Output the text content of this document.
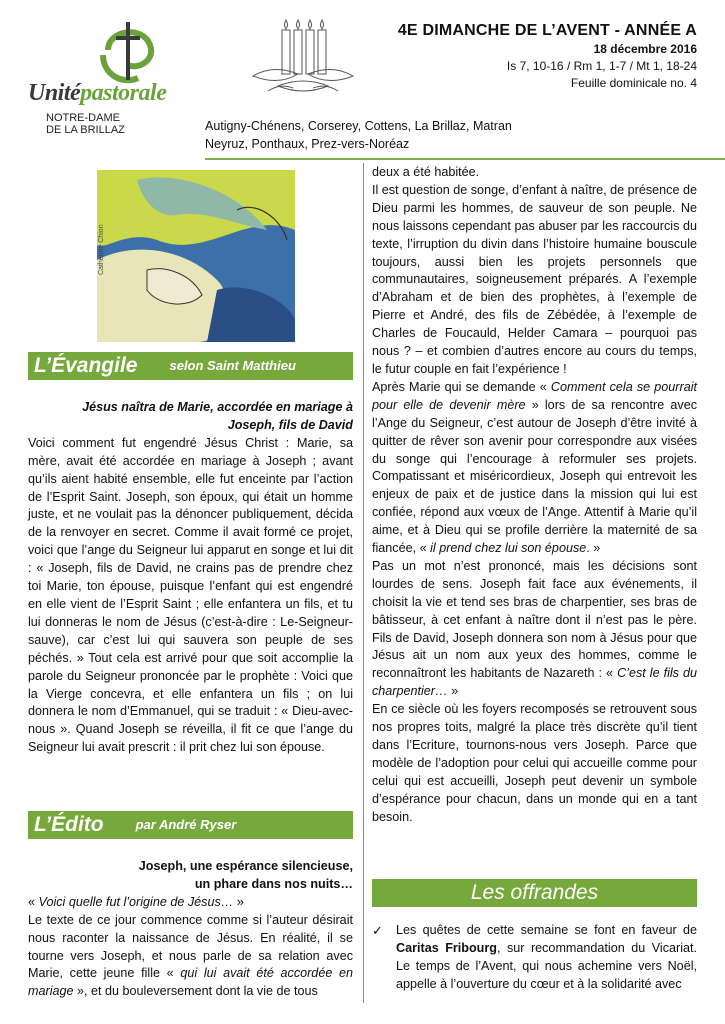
Unitépastorale
NOTRE-DAME
DE LA BRILLAZ
4E DIMANCHE DE L’AVENT - ANNÉE A
18 décembre 2016
Is 7, 10-16 / Rm 1, 1-7 / Mt 1, 18-24
Feuille dominicale no. 4
Autigny-Chénens, Corserey, Cottens, La Brillaz, Matran
Neyruz, Ponthaux, Prez-vers-Noréaz
Catherine Chion
L’Évangile selon Saint Matthieu
Jésus naîtra de Marie, accordée en mariage à
Joseph, fils de David

Voici comment fut engendré Jésus Christ : Marie, sa mère, avait été accordée en mariage à Joseph ; avant qu’ils aient habité ensemble, elle fut enceinte par l’action de l’Esprit Saint. Joseph, son époux, qui était un homme juste, et ne voulait pas la dénoncer publiquement, décida de la renvoyer en secret. Comme il avait formé ce projet, voici que l’ange du Seigneur lui apparut en songe et lui dit : « Joseph, fils de David, ne crains pas de prendre chez toi Marie, ton épouse, puisque l’enfant qui est engendré en elle vient de l’Esprit Saint ; elle enfantera un fils, et tu lui donneras le nom de Jésus (c’est-à-dire : Le-Seigneur-sauve), car c’est lui qui sauvera son peuple de ses péchés. » Tout cela est arrivé pour que soit accomplie la parole du Seigneur prononcée par le prophète : Voici que la Vierge concevra, et elle enfantera un fils ; on lui donnera le nom d’Emmanuel, qui se traduit : « Dieu-avec-nous ». Quand Joseph se réveilla, il fit ce que l’ange du Seigneur lui avait prescrit : il prit chez lui son épouse.

L’Édito par André Ryser
Joseph, une espérance silencieuse,
un phare dans nos nuits…

« Voici quelle fut l’origine de Jésus… »

Le texte de ce jour commence comme si l’auteur désirait nous raconter la naissance de Jésus. En réalité, il se tourne vers Joseph, et nous parle de sa relation avec Marie, cette jeune fille « qui lui avait été accordée en mariage », et du bouleversement dont la vie de tous

deux a été habitée.

Il est question de songe, d’enfant à naître, de présence de Dieu parmi les hommes, de sauveur de son peuple. Ne nous laissons cependant pas abuser par les raccourcis du texte, l’irruption du divin dans l’histoire humaine bouscule toujours, aussi bien les projets personnels que communautaires, soigneusement préparés. A l’exemple d’Abraham et de bien des prophètes, à l’exemple de Pierre et André, des fils de Zébédée, à l’exemple de Charles de Foucauld, Helder Camara – pourquoi pas nous ? – et combien d’autres encore au cours du temps, le futur couple en fait l’expérience !

Après Marie qui se demande « Comment cela se pourrait pour elle de devenir mère » lors de sa rencontre avec l’Ange du Seigneur, c’est autour de Joseph d’être invité à quitter de rêver son avenir pour correspondre aux visées du songe qui l’encourage à reformuler ses projets. Compatissant et miséricordieux, Joseph qui entrevoit les enjeux de paix et de justice dans la mission qui lui est confiée, répond aux vœux de l’Ange. Attentif à Marie qu’il aime, et à Dieu qui se profile derrière la maternité de sa fiancée, « il prend chez lui son épouse. »

Pas un mot n’est prononcé, mais les décisions sont lourdes de sens. Joseph fait face aux événements, il choisit la vie et tend ses bras de charpentier, ses bras de bâtisseur, à cet enfant à naître dont il n’est pas le père. Fils de David, Joseph donnera son nom à Jésus pour que Jésus ait un nom aux yeux des hommes, comme le reconnaîtront les habitants de Nazareth : « C’est le fils du charpentier… »

En ce siècle où les foyers recomposés se retrouvent sous nos propres toits, malgré la place très discrète qu’il tient dans l’Ecriture, tournons-nous vers Joseph. Parce que modèle de l’adoption pour celui qui accueille comme pour celui qui est accueilli, Joseph peut devenir un symbole d’espérance pour chacun, dans un monde qui en a tant besoin.

Les offrandes
✓ Les quêtes de cette semaine se font en faveur de Caritas Fribourg, sur recommandation du Vicariat. Le temps de l’Avent, qui nous achemine vers Noël, appelle à l’ouverture du cœur et à la solidarité avec
